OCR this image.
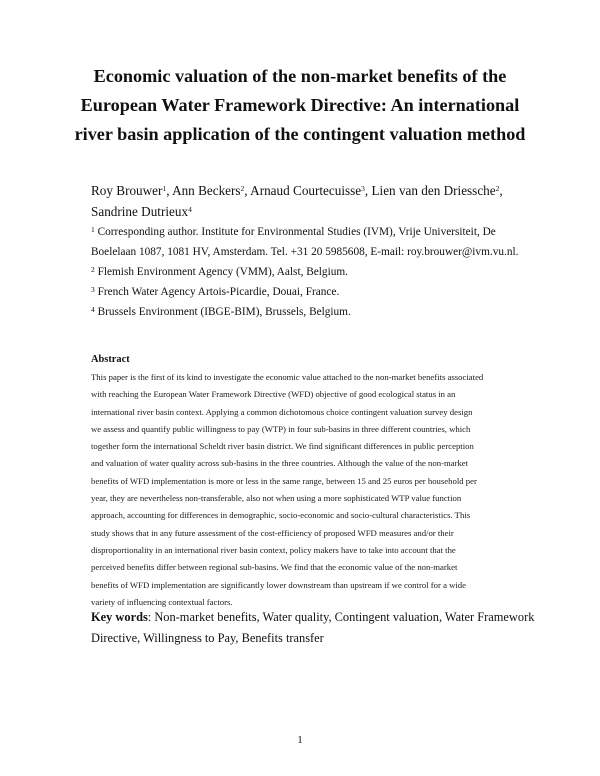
Economic valuation of the non-market benefits of the
European Water Framework Directive: An international
river basin application of the contingent valuation method
Roy Brouwer$^1$, Ann Beckers$^2$, Arnaud Courtecuisse$^3$, Lien van den Driessche$^2$,
Sandrine Dutrieux$^4$
$^1$ Corresponding author. Institute for Environmental Studies (IVM), Vrije Universiteit, De
Boelelaan 1087, 1081 HV, Amsterdam. Tel. +31 20 5985608, E-mail: roy.brouwer@ivm.vu.nl.
$^2$ Flemish Environment Agency (VMM), Aalst, Belgium.
$^3$ French Water Agency Artois-Picardie, Douai, France.
$^4$ Brussels Environment (IBGE-BIM), Brussels, Belgium.
Abstract
This paper is the first of its kind to investigate the economic value attached to the non-market benefits associated
with reaching the European Water Framework Directive (WFD) objective of good ecological status in an
international river basin context. Applying a common dichotomous choice contingent valuation survey design
we assess and quantify public willingness to pay (WTP) in four sub-basins in three different countries, which
together form the international Scheldt river basin district. We find significant differences in public perception
and valuation of water quality across sub-basins in the three countries. Although the value of the non-market
benefits of WFD implementation is more or less in the same range, between 15 and 25 euros per household per
year, they are nevertheless non-transferable, also not when using a more sophisticated WTP value function
approach, accounting for differences in demographic, socio-economic and socio-cultural characteristics. This
study shows that in any future assessment of the cost-efficiency of proposed WFD measures and/or their
disproportionality in an international river basin context, policy makers have to take into account that the
perceived benefits differ between regional sub-basins. We find that the economic value of the non-market
benefits of WFD implementation are significantly lower downstream than upstream if we control for a wide
variety of influencing contextual factors.
Key words: Non-market benefits, Water quality, Contingent valuation, Water Framework
Directive, Willingness to Pay, Benefits transfer
1
